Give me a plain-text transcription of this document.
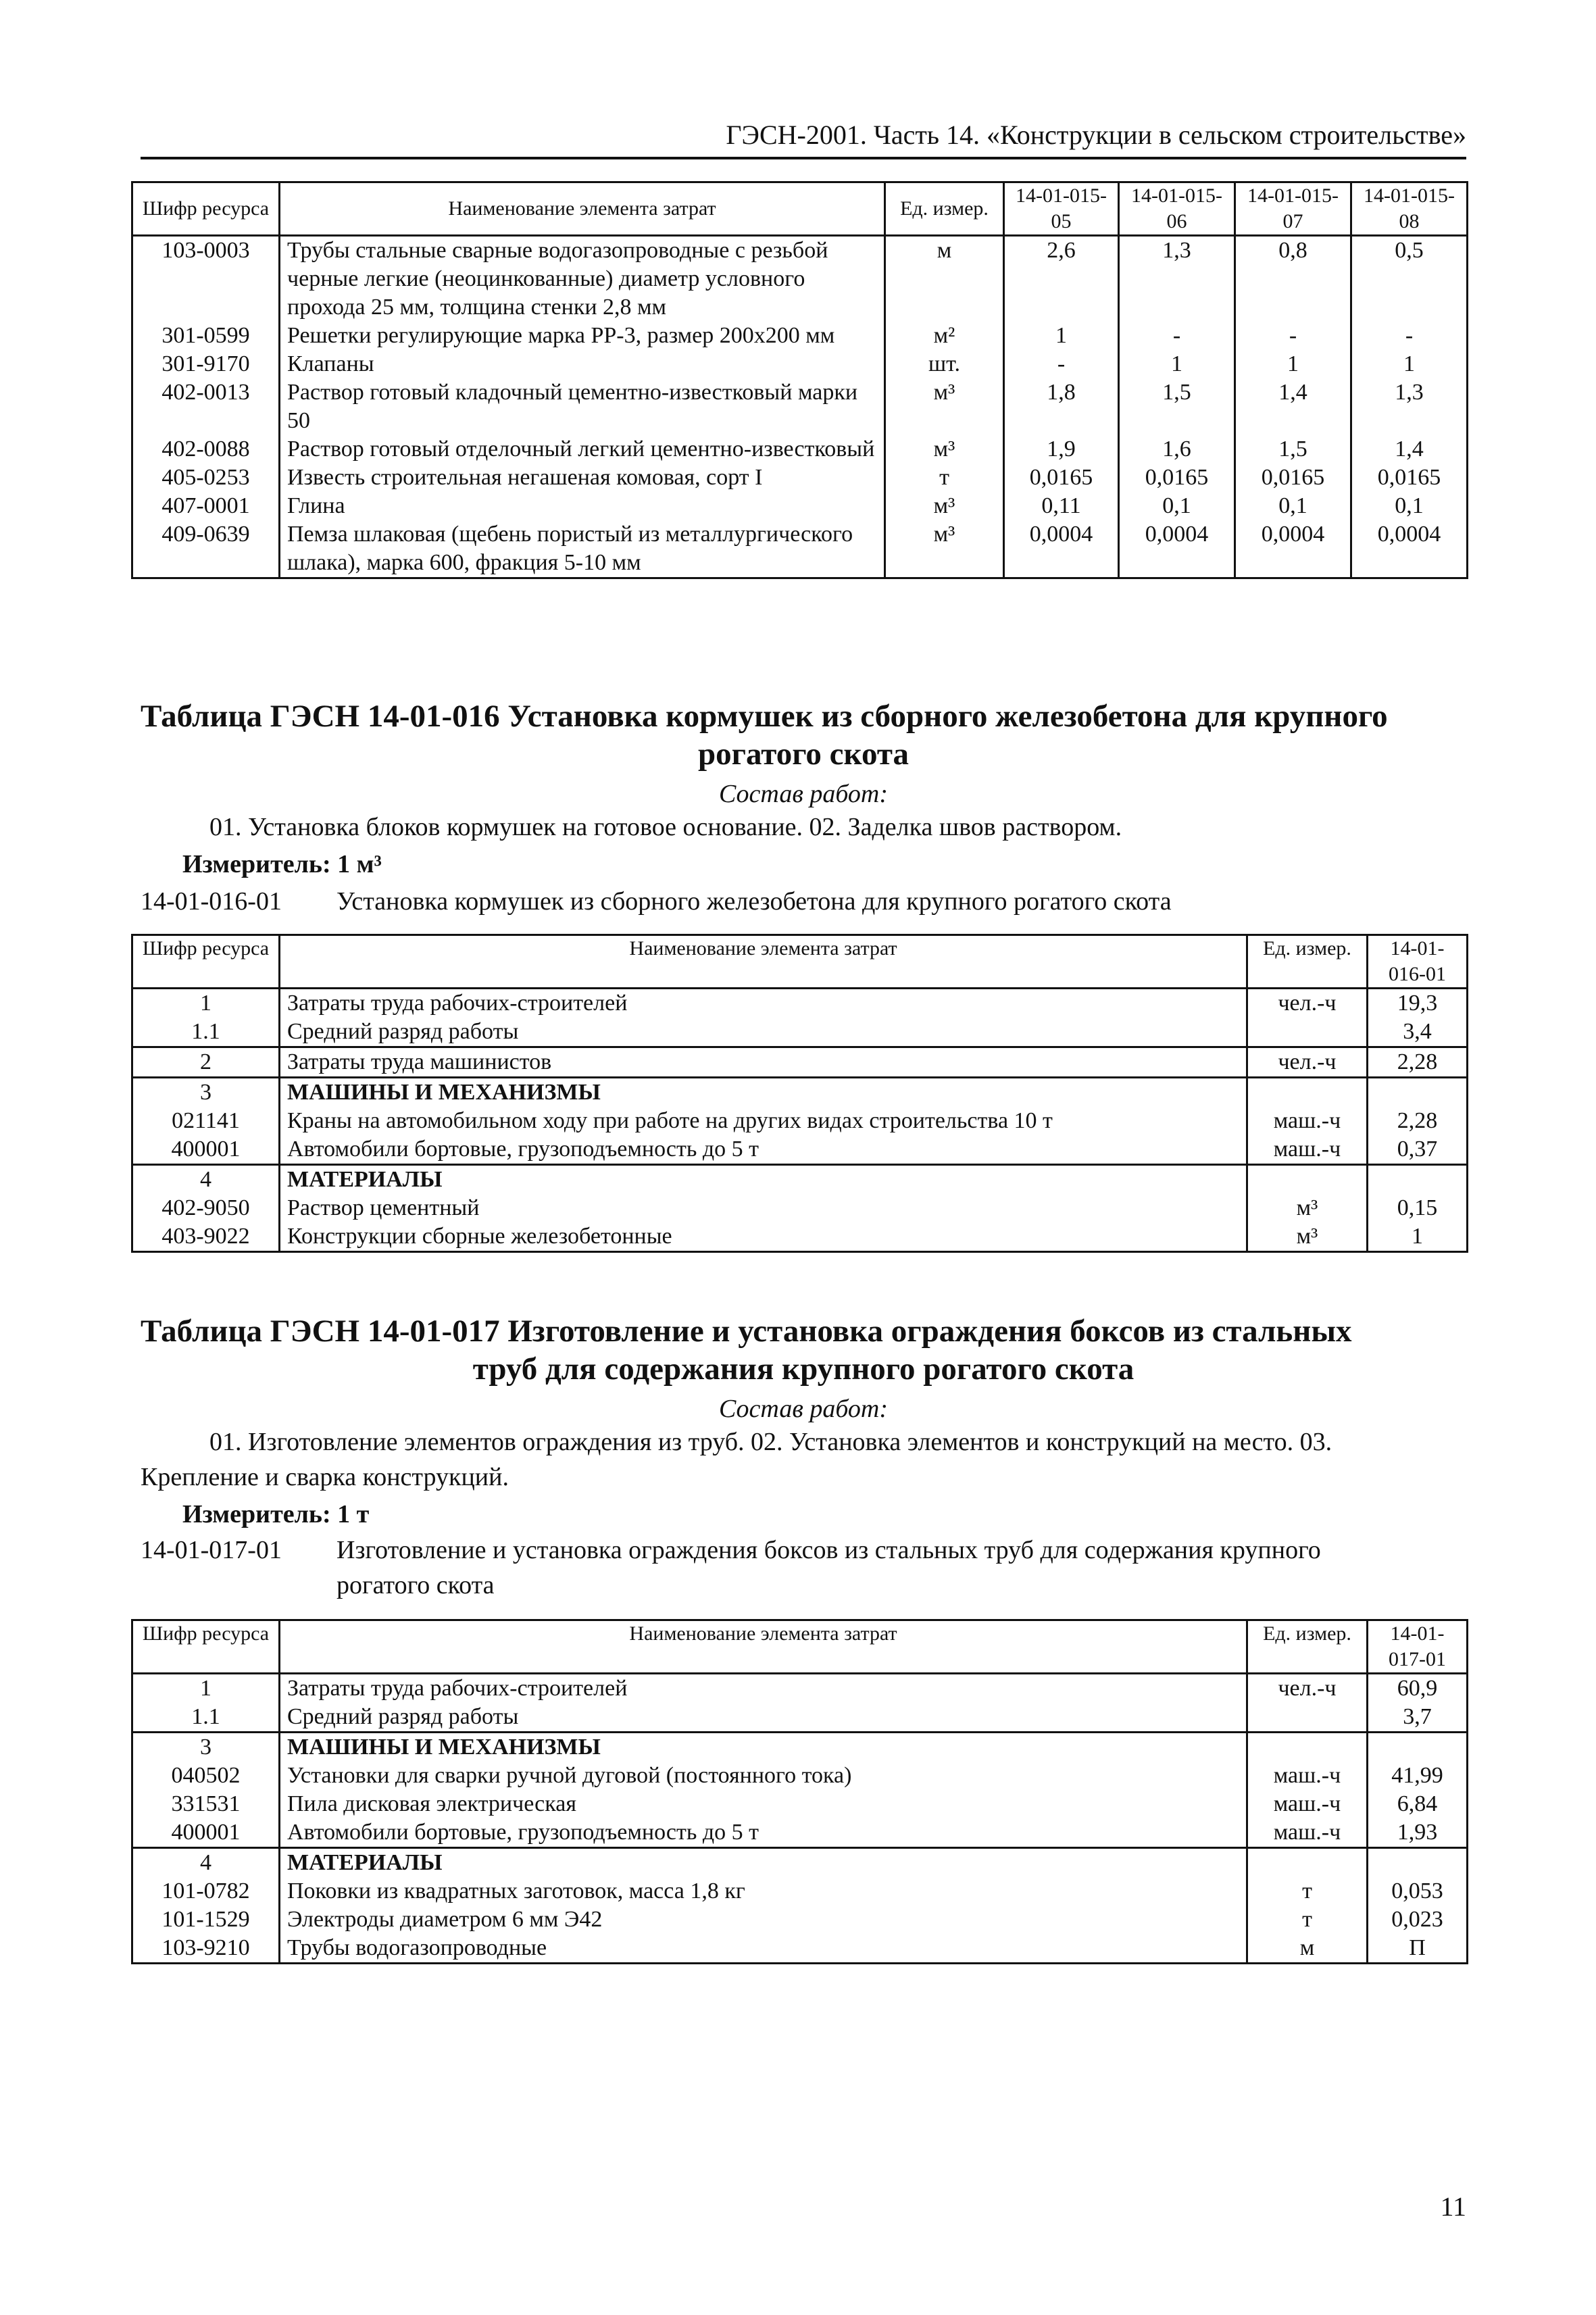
ГЭСН-2001. Часть 14. «Конструкции в сельском строительстве»
Шифр ресурса	Наименование элемента затрат	Ед. измер.	14-01-015-05	14-01-015-06	14-01-015-07	14-01-015-08
103-0003	Трубы стальные сварные водогазопроводные с резьбой черные легкие (неоцинкованные) диаметр условного прохода 25 мм, толщина стенки 2,8 мм	м	2,6	1,3	0,8	0,5
301-0599	Решетки регулирующие марка РР-3, размер 200x200 мм	м²	1	-	-	-
301-9170	Клапаны	шт.	-	1	1	1
402-0013	Раствор готовый кладочный цементно-известковый марки 50	м³	1,8	1,5	1,4	1,3
402-0088	Раствор готовый отделочный легкий цементно-известковый	м³	1,9	1,6	1,5	1,4
405-0253	Известь строительная негашеная комовая, сорт I	т	0,0165	0,0165	0,0165	0,0165
407-0001	Глина	м³	0,11	0,1	0,1	0,1
409-0639	Пемза шлаковая (щебень пористый из металлургического шлака), марка 600, фракция 5-10 мм	м³	0,0004	0,0004	0,0004	0,0004
Таблица ГЭСН 14-01-016 Установка кормушек из сборного железобетона для крупного
рогатого скота
Состав работ:
01. Установка блоков кормушек на готовое основание. 02. Заделка швов раствором.
Измеритель: 1 м³
14-01-016-01 Установка кормушек из сборного железобетона для крупного рогатого скота
Шифр ресурса	Наименование элемента затрат	Ед. измер.	14-01-016-01
1	Затраты труда рабочих-строителей	чел.-ч	19,3
1.1	Средний разряд работы		3,4
2	Затраты труда машинистов	чел.-ч	2,28
3	МАШИНЫ И МЕХАНИЗМЫ		
021141	Краны на автомобильном ходу при работе на других видах строительства 10 т	маш.-ч	2,28
400001	Автомобили бортовые, грузоподъемность до 5 т	маш.-ч	0,37
4	МАТЕРИАЛЫ		
402-9050	Раствор цементный	м³	0,15
403-9022	Конструкции сборные железобетонные	м³	1
Таблица ГЭСН 14-01-017 Изготовление и установка ограждения боксов из стальных
труб для содержания крупного рогатого скота
Состав работ:
01. Изготовление элементов ограждения из труб. 02. Установка элементов и конструкций на место. 03.
Крепление и сварка конструкций.
Измеритель: 1 т
14-01-017-01 Изготовление и установка ограждения боксов из стальных труб для содержания крупного
рогатого скота
Шифр ресурса	Наименование элемента затрат	Ед. измер.	14-01-017-01
1	Затраты труда рабочих-строителей	чел.-ч	60,9
1.1	Средний разряд работы		3,7
3	МАШИНЫ И МЕХАНИЗМЫ		
040502	Установки для сварки ручной дуговой (постоянного тока)	маш.-ч	41,99
331531	Пила дисковая электрическая	маш.-ч	6,84
400001	Автомобили бортовые, грузоподъемность до 5 т	маш.-ч	1,93
4	МАТЕРИАЛЫ		
101-0782	Поковки из квадратных заготовок, масса 1,8 кг	т	0,053
101-1529	Электроды диаметром 6 мм Э42	т	0,023
103-9210	Трубы водогазопроводные	м	П
11
